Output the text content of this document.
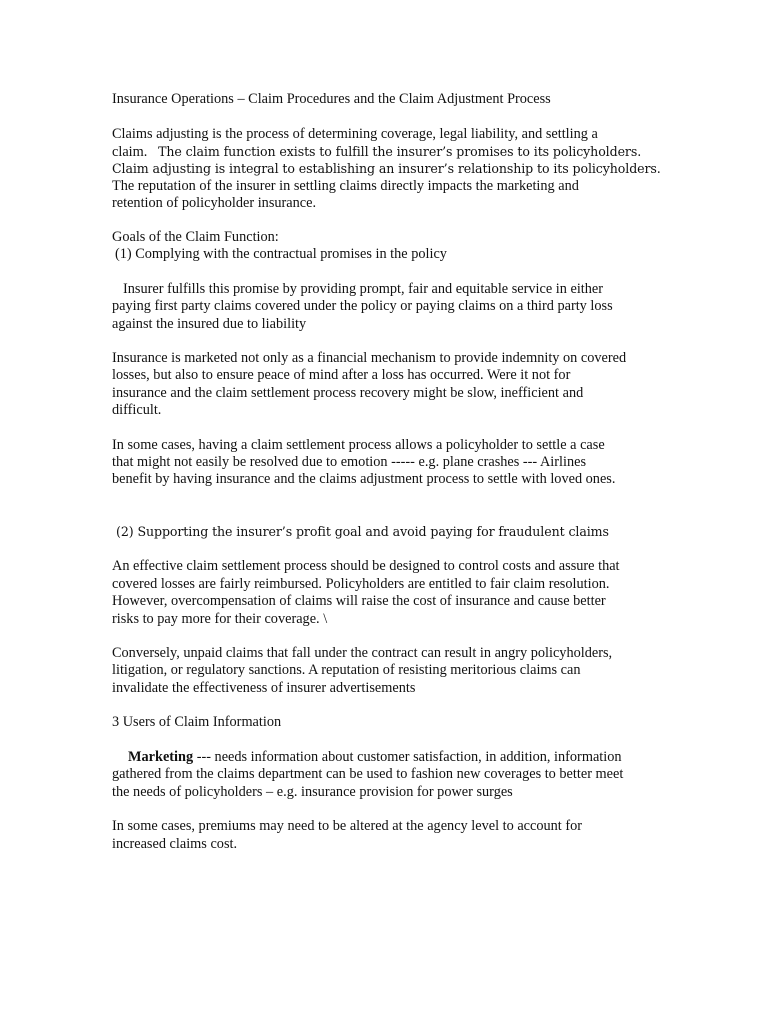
Insurance Operations – Claim Procedures and the Claim Adjustment Process
Claims adjusting is the process of determining coverage, legal liability, and settling a
claim. The claim function exists to fulfill the insurer’s promises to its policyholders.
Claim adjusting is integral to establishing an insurer’s relationship to its policyholders.
The reputation of the insurer in settling claims directly impacts the marketing and
retention of policyholder insurance.
Goals of the Claim Function:
(1) Complying with the contractual promises in the policy
Insurer fulfills this promise by providing prompt, fair and equitable service in either
paying first party claims covered under the policy or paying claims on a third party loss
against the insured due to liability
Insurance is marketed not only as a financial mechanism to provide indemnity on covered
losses, but also to ensure peace of mind after a loss has occurred. Were it not for
insurance and the claim settlement process recovery might be slow, inefficient and
difficult.
In some cases, having a claim settlement process allows a policyholder to settle a case
that might not easily be resolved due to emotion ----- e.g. plane crashes --- Airlines
benefit by having insurance and the claims adjustment process to settle with loved ones.
(2) Supporting the insurer’s profit goal and avoid paying for fraudulent claims
An effective claim settlement process should be designed to control costs and assure that
covered losses are fairly reimbursed. Policyholders are entitled to fair claim resolution.
However, overcompensation of claims will raise the cost of insurance and cause better
risks to pay more for their coverage. \
Conversely, unpaid claims that fall under the contract can result in angry policyholders,
litigation, or regulatory sanctions. A reputation of resisting meritorious claims can
invalidate the effectiveness of insurer advertisements
3 Users of Claim Information
Marketing --- needs information about customer satisfaction, in addition, information
gathered from the claims department can be used to fashion new coverages to better meet
the needs of policyholders – e.g. insurance provision for power surges
In some cases, premiums may need to be altered at the agency level to account for
increased claims cost.
